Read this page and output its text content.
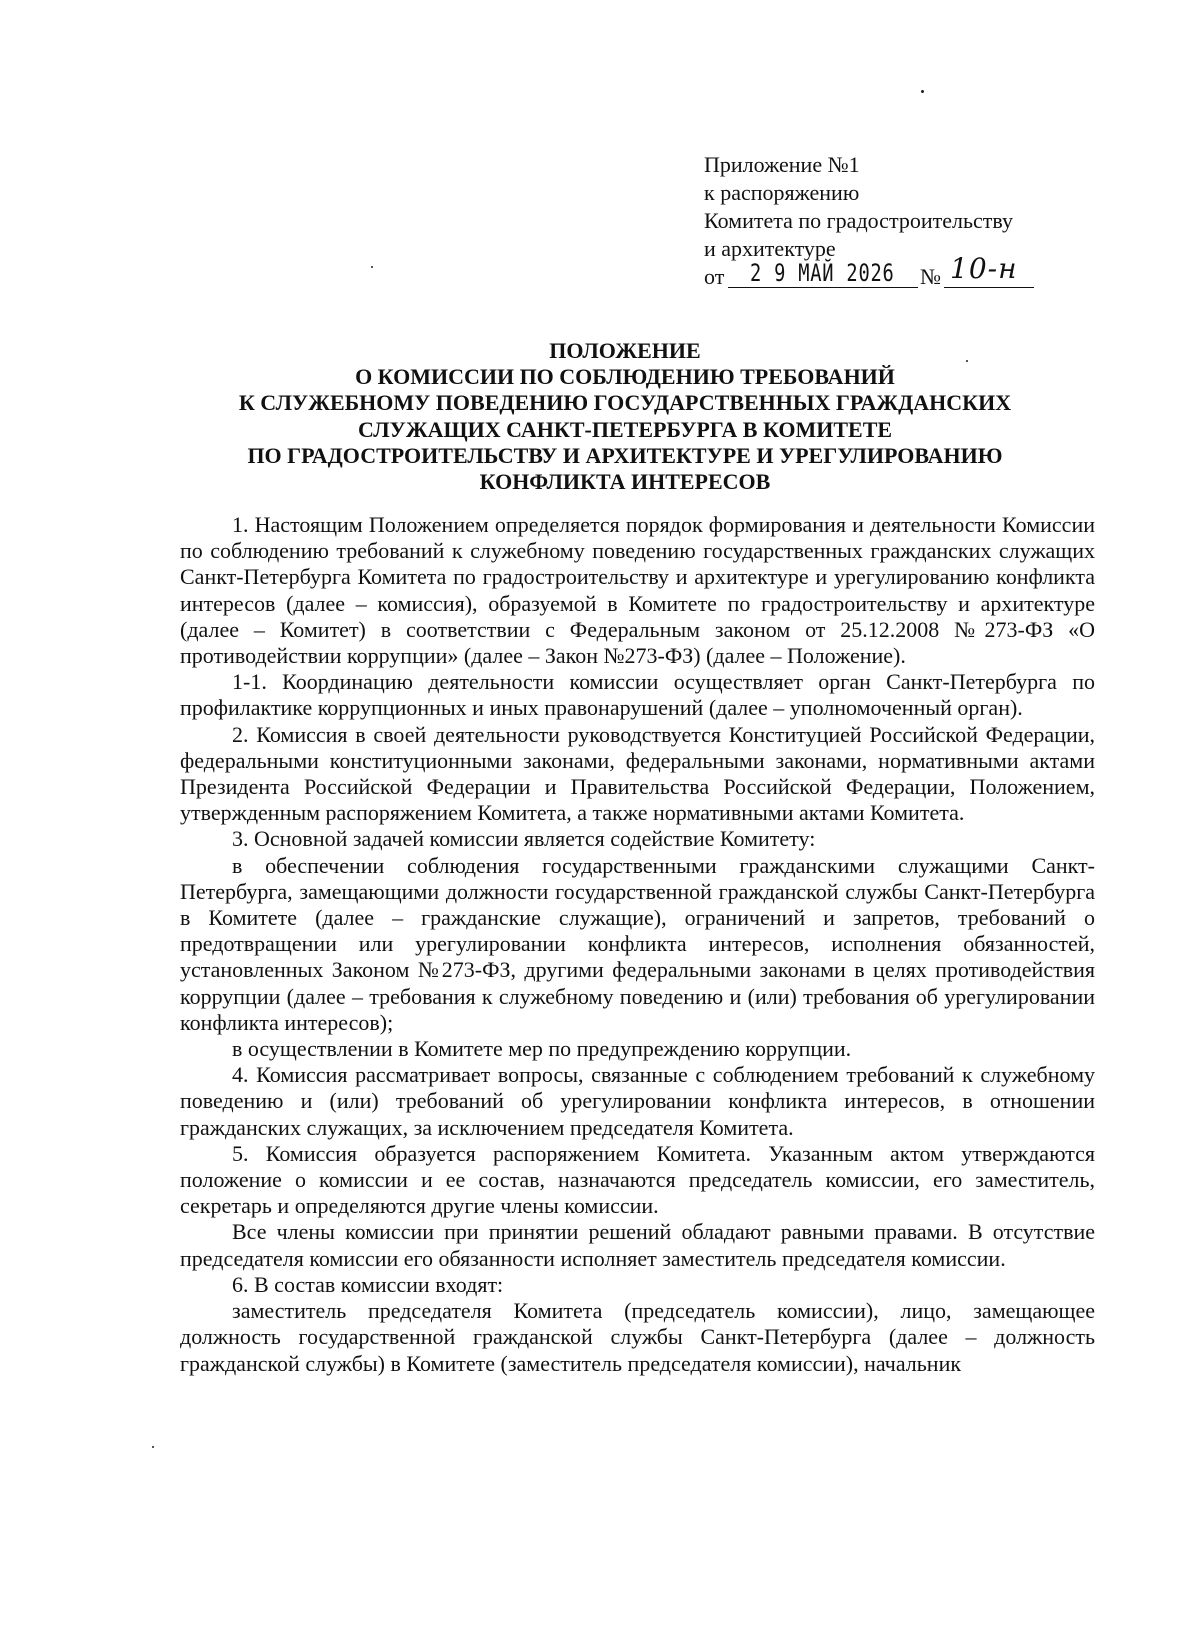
Приложение №1
к распоряжению
Комитета по градостроительству
и архитектуре
от 2 9 МАЙ 2026 № 10-н
ПОЛОЖЕНИЕ
О КОМИССИИ ПО СОБЛЮДЕНИЮ ТРЕБОВАНИЙ
К СЛУЖЕБНОМУ ПОВЕДЕНИЮ ГОСУДАРСТВЕННЫХ ГРАЖДАНСКИХ
СЛУЖАЩИХ САНКТ-ПЕТЕРБУРГА В КОМИТЕТЕ
ПО ГРАДОСТРОИТЕЛЬСТВУ И АРХИТЕКТУРЕ И УРЕГУЛИРОВАНИЮ
КОНФЛИКТА ИНТЕРЕСОВ

1. Настоящим Положением определяется порядок формирования и деятельности Комиссии по соблюдению требований к служебному поведению государственных гражданских служащих Санкт-Петербурга Комитета по градостроительству и архитектуре и урегулированию конфликта интересов (далее – комиссия), образуемой в Комитете по градостроительству и архитектуре (далее – Комитет) в соответствии с Федеральным законом от 25.12.2008 №273-ФЗ «О противодействии коррупции» (далее – Закон №273-ФЗ) (далее – Положение).

1-1. Координацию деятельности комиссии осуществляет орган Санкт-Петербурга по профилактике коррупционных и иных правонарушений (далее – уполномоченный орган).

2. Комиссия в своей деятельности руководствуется Конституцией Российской Федерации, федеральными конституционными законами, федеральными законами, нормативными актами Президента Российской Федерации и Правительства Российской Федерации, Положением, утвержденным распоряжением Комитета, а также нормативными актами Комитета.

3. Основной задачей комиссии является содействие Комитету:

в обеспечении соблюдения государственными гражданскими служащими Санкт-Петербурга, замещающими должности государственной гражданской службы Санкт-Петербурга в Комитете (далее – гражданские служащие), ограничений и запретов, требований о предотвращении или урегулировании конфликта интересов, исполнения обязанностей, установленных Законом №273-ФЗ, другими федеральными законами в целях противодействия коррупции (далее – требования к служебному поведению и (или) требования об урегулировании конфликта интересов);

в осуществлении в Комитете мер по предупреждению коррупции.

4. Комиссия рассматривает вопросы, связанные с соблюдением требований к служебному поведению и (или) требований об урегулировании конфликта интересов, в отношении гражданских служащих, за исключением председателя Комитета.

5. Комиссия образуется распоряжением Комитета. Указанным актом утверждаются положение о комиссии и ее состав, назначаются председатель комиссии, его заместитель, секретарь и определяются другие члены комиссии.

Все члены комиссии при принятии решений обладают равными правами. В отсутствие председателя комиссии его обязанности исполняет заместитель председателя комиссии.

6. В состав комиссии входят:

заместитель председателя Комитета (председатель комиссии), лицо, замещающее должность государственной гражданской службы Санкт-Петербурга (далее – должность гражданской службы) в Комитете (заместитель председателя комиссии), начальник
